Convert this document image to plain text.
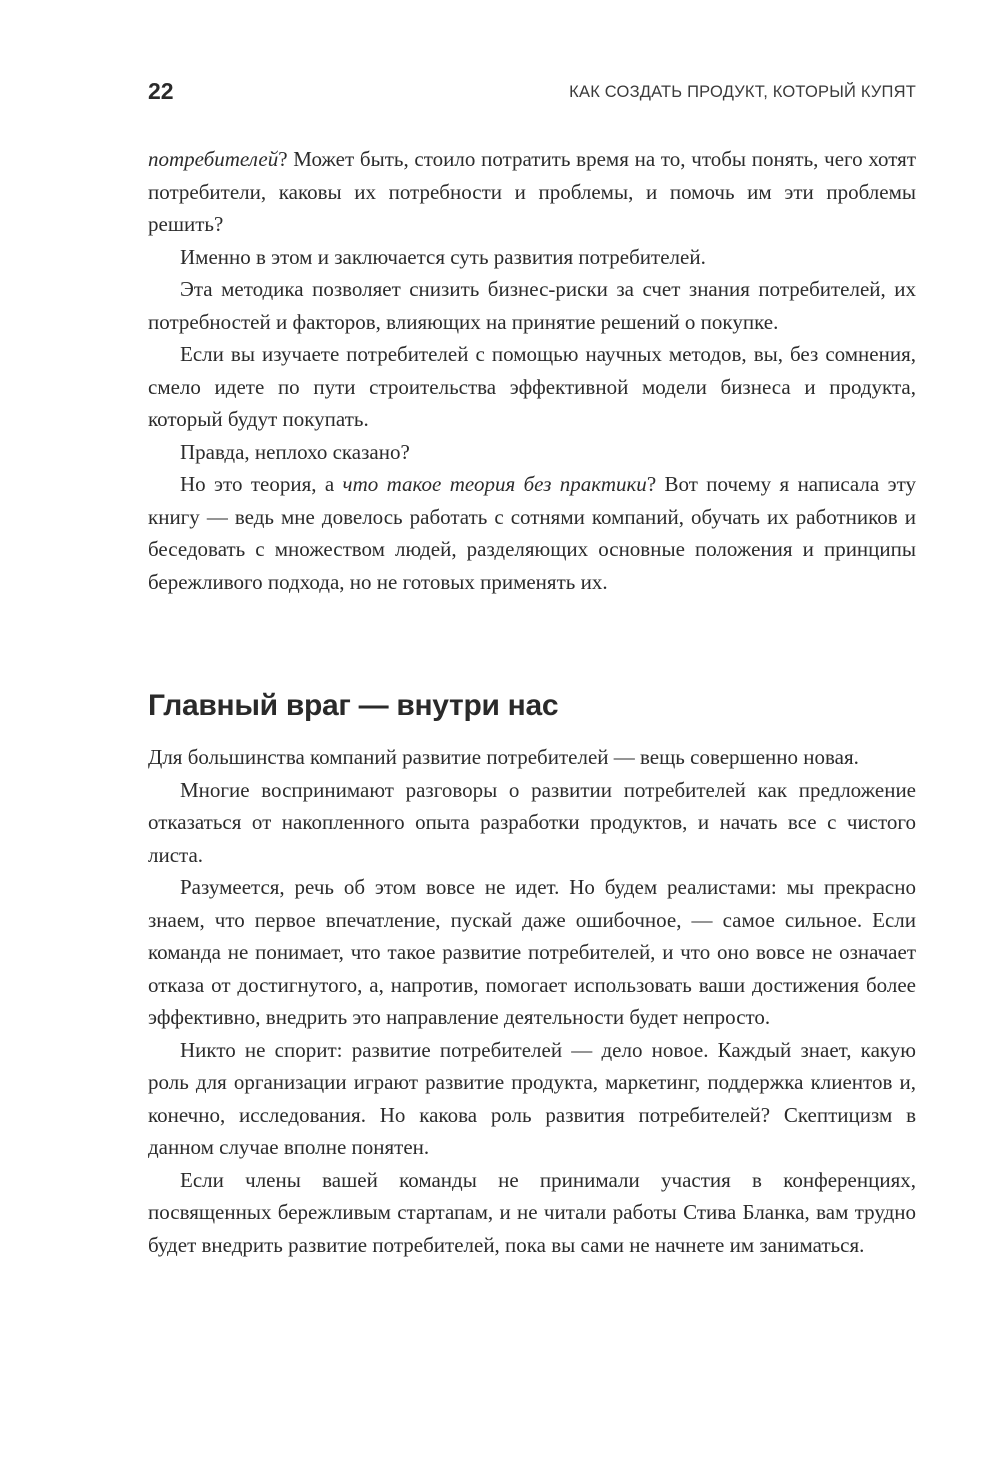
22	КАК СОЗДАТЬ ПРОДУКТ, КОТОРЫЙ КУПЯТ

потребителей? Может быть, стоило потратить время на то, чтобы понять, чего хотят потребители, каковы их потребности и проблемы, и помочь им эти проблемы решить?

Именно в этом и заключается суть развития потребителей.

Эта методика позволяет снизить бизнес-риски за счет знания потребителей, их потребностей и факторов, влияющих на принятие решений о покупке.

Если вы изучаете потребителей с помощью научных методов, вы, без сомнения, смело идете по пути строительства эффективной модели бизнеса и продукта, который будут покупать.

Правда, неплохо сказано?

Но это теория, а что такое теория без практики? Вот почему я написала эту книгу — ведь мне довелось работать с сотнями компаний, обучать их работников и беседовать с множеством людей, разделяющих основные положения и принципы бережливого подхода, но не готовых применять их.

Главный враг — внутри нас

Для большинства компаний развитие потребителей — вещь совершенно новая.

Многие воспринимают разговоры о развитии потребителей как предложение отказаться от накопленного опыта разработки продуктов, и начать все с чистого листа.

Разумеется, речь об этом вовсе не идет. Но будем реалистами: мы прекрасно знаем, что первое впечатление, пускай даже ошибочное, — самое сильное. Если команда не понимает, что такое развитие потребителей, и что оно вовсе не означает отказа от достигнутого, а, напротив, помогает использовать ваши достижения более эффективно, внедрить это направление деятельности будет непросто.

Никто не спорит: развитие потребителей — дело новое. Каждый знает, какую роль для организации играют развитие продукта, маркетинг, поддержка клиентов и, конечно, исследования. Но какова роль развития потребителей? Скептицизм в данном случае вполне понятен.

Если члены вашей команды не принимали участия в конференциях, посвященных бережливым стартапам, и не читали работы Стива Бланка, вам трудно будет внедрить развитие потребителей, пока вы сами не начнете им заниматься.
